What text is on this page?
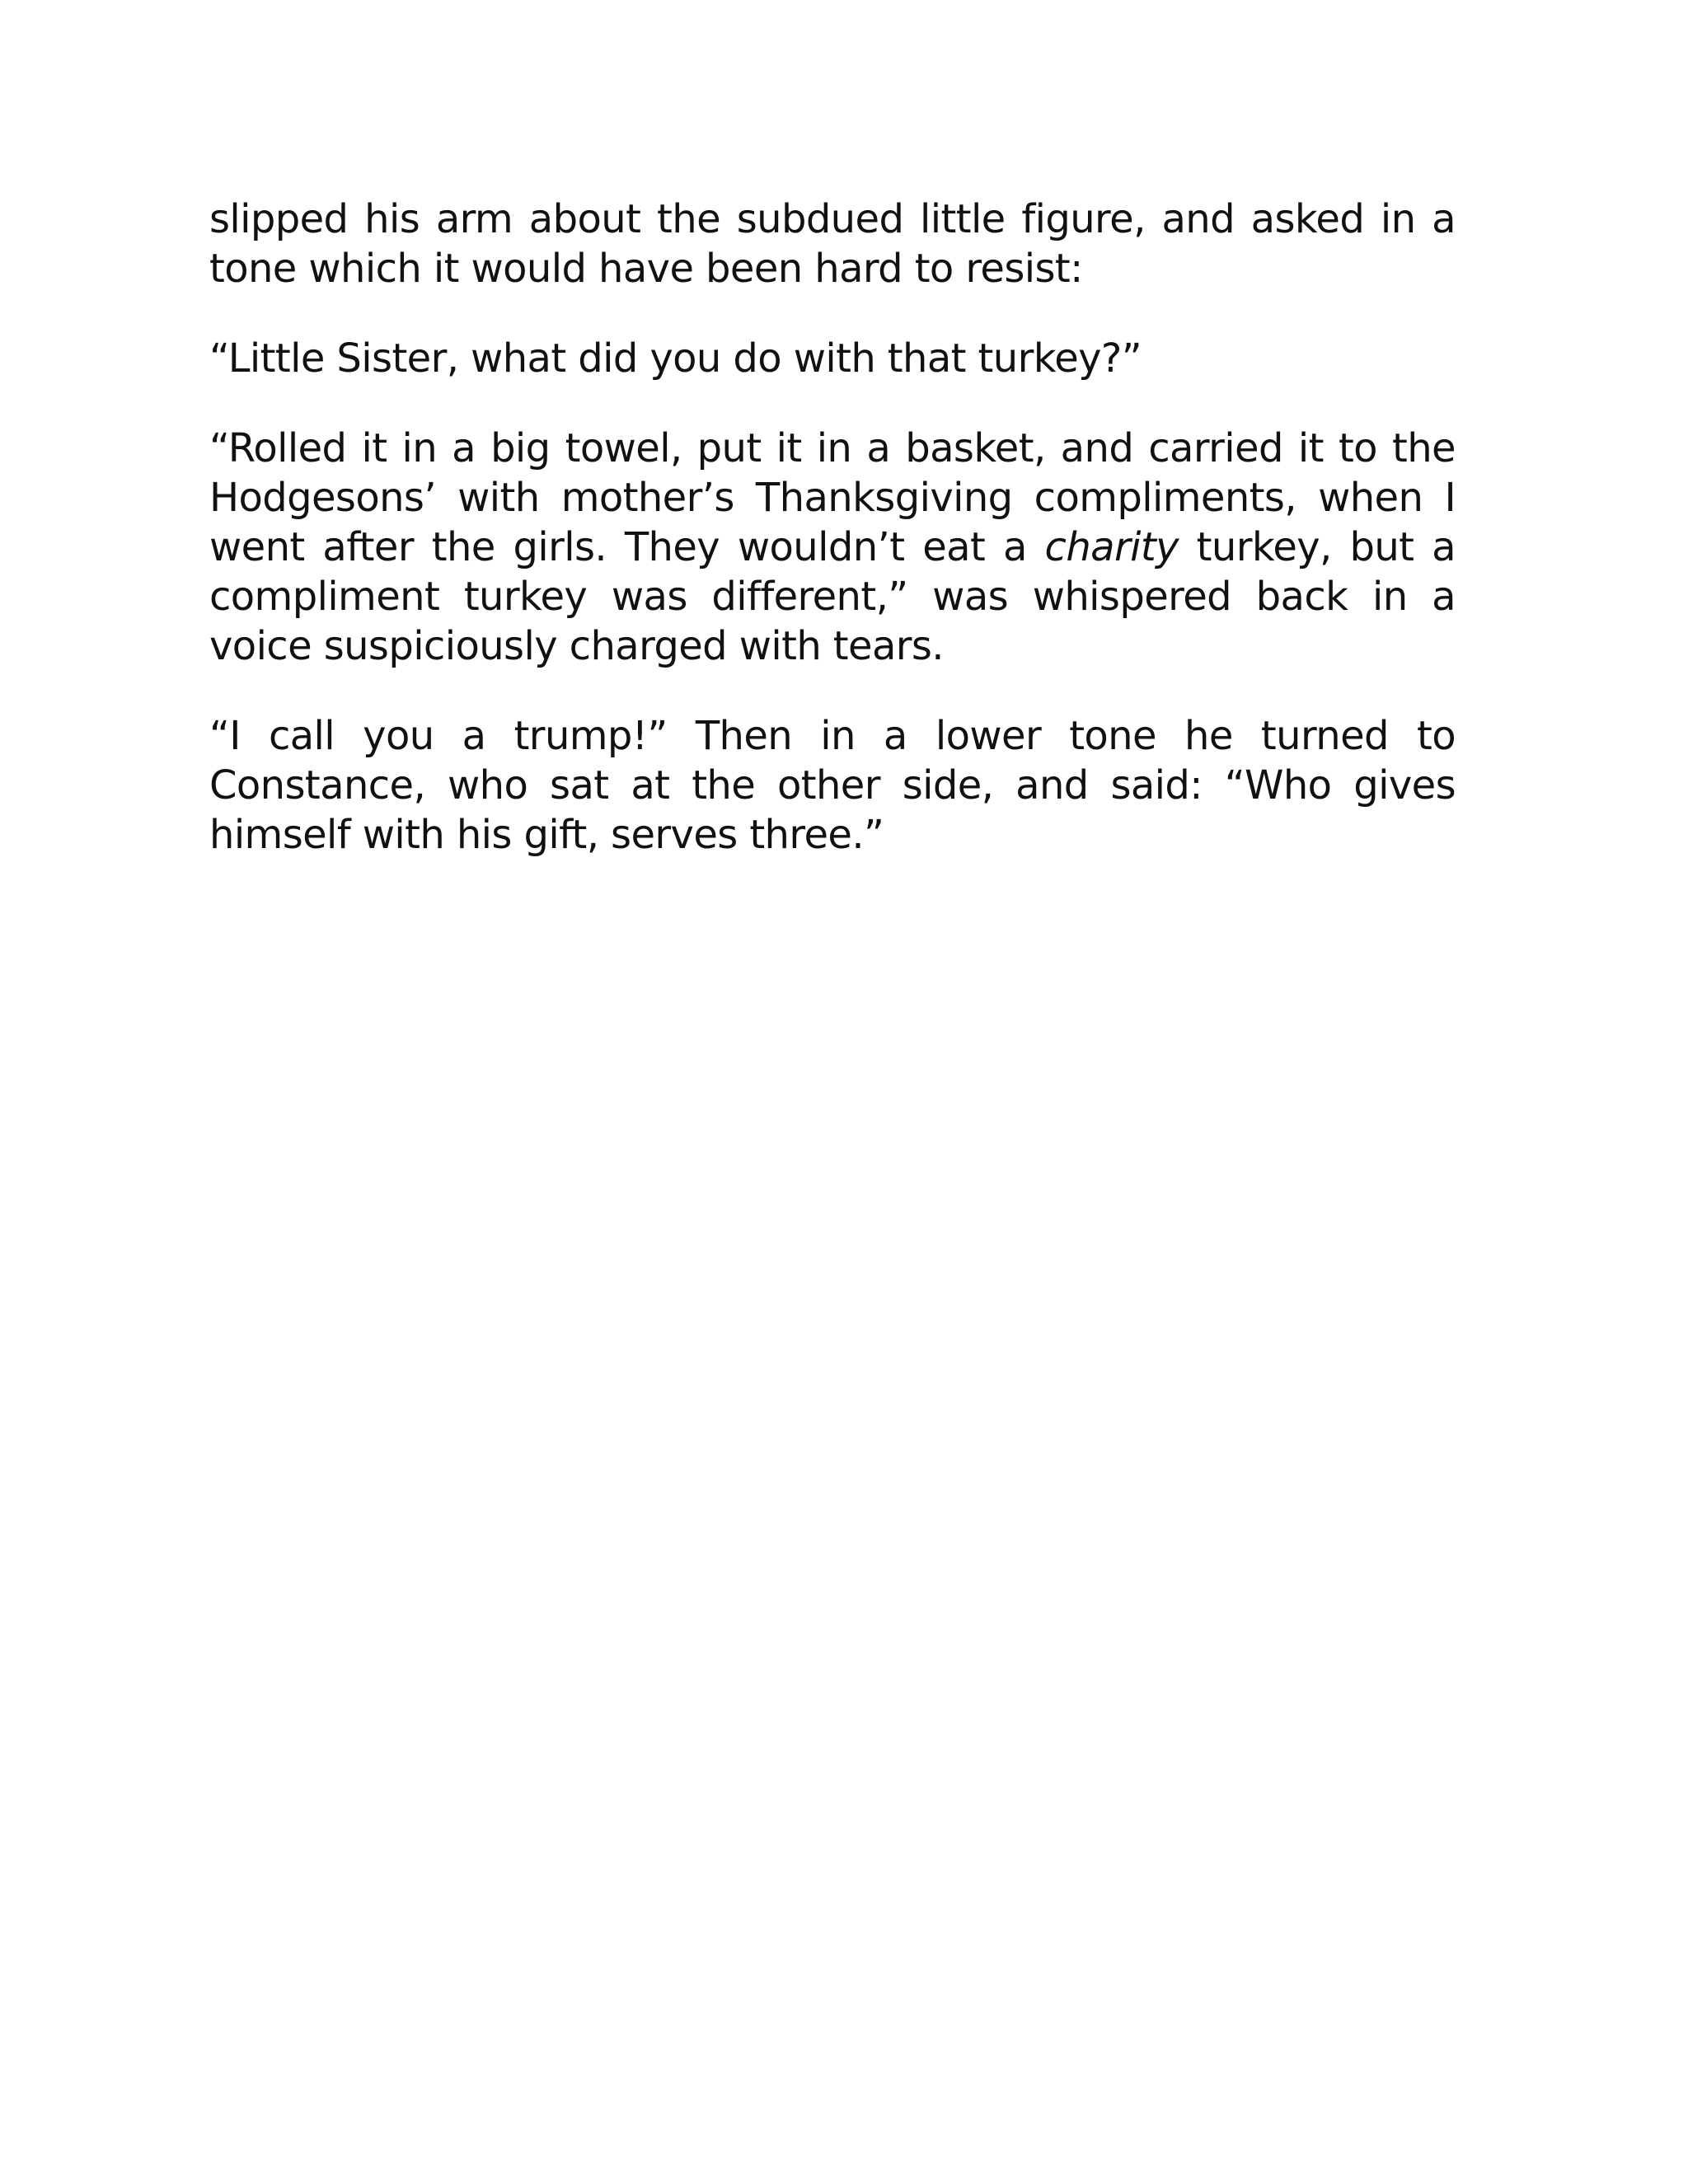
slipped his arm about the subdued little figure, and asked in a tone which it would have been hard to resist:

“Little Sister, what did you do with that turkey?”

“Rolled it in a big towel, put it in a basket, and carried it to the Hodgesons’ with mother’s Thanksgiving compliments, when I went after the girls. They wouldn’t eat a charity turkey, but a compliment turkey was different,” was whispered back in a voice suspiciously charged with tears.

“I call you a trump!” Then in a lower tone he turned to Constance, who sat at the other side, and said: “Who gives himself with his gift, serves three.”
